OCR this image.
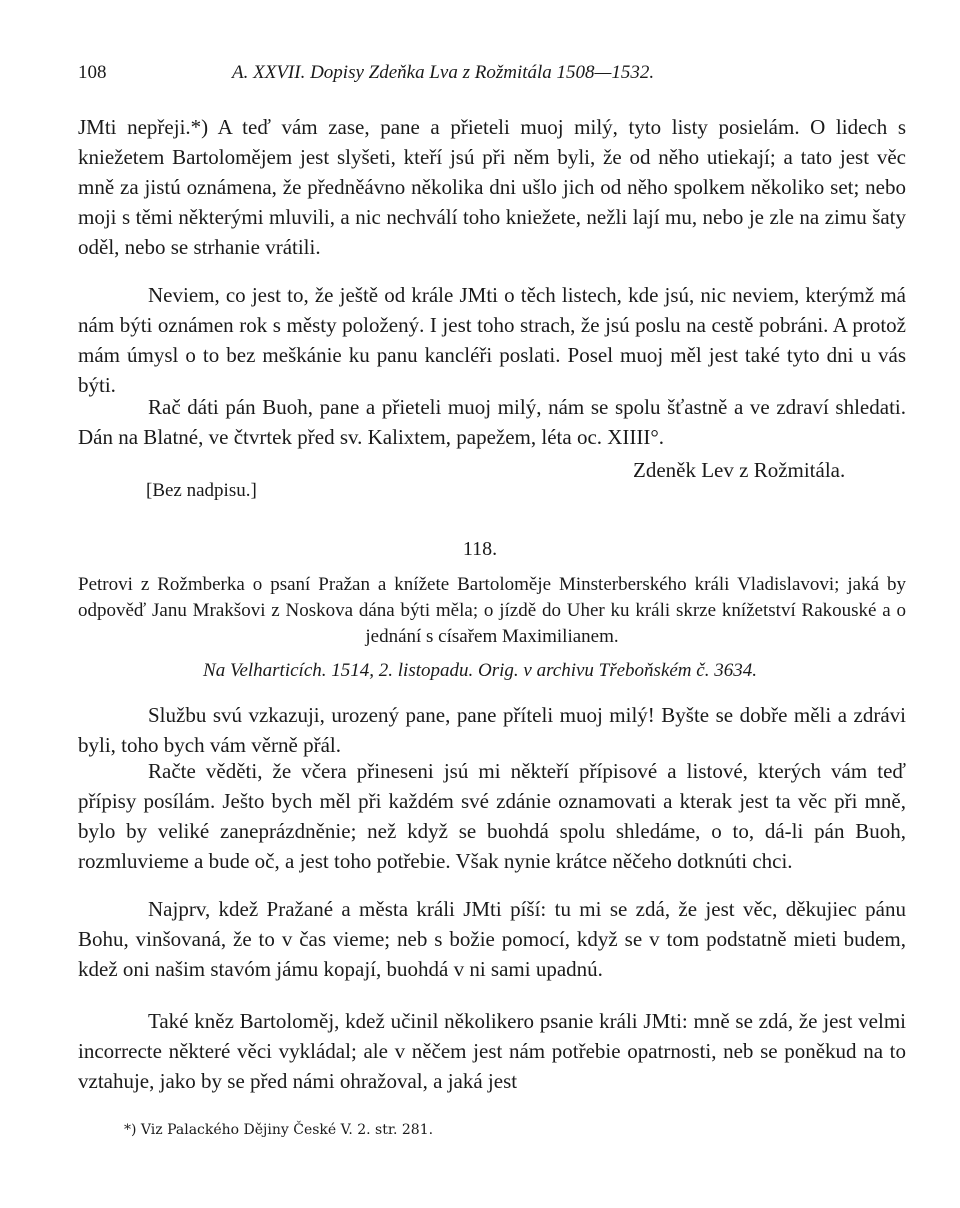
108	A. XXVII. Dopisy Zdeňka Lva z Rožmitála 1508—1532.

JMti nepřeji.*) A teď vám zase, pane a přieteli muoj milý, tyto listy posielám. O lidech s kniežetem Bartolomějem jest slyšeti, kteří jsú při něm byli, že od něho utiekají; a tato jest věc mně za jistú oznámena, že předněávno několika dni ušlo jich od něho spolkem několiko set; nebo moji s těmi některými mluvili, a nic nechválí toho kniežete, nežli lají mu, nebo je zle na zimu šaty oděl, nebo se strhanie vrátili.

Neviem, co jest to, že ještě od krále JMti o těch listech, kde jsú, nic neviem, kterýmž má nám býti oznámen rok s městy položený. I jest toho strach, že jsú poslu na cestě pobráni. A protož mám úmysl o to bez meškánie ku panu kancléři poslati. Posel muoj měl jest také tyto dni u vás býti.

Rač dáti pán Buoh, pane a přieteli muoj milý, nám se spolu šťastně a ve zdraví shledati. Dán na Blatné, ve čtvrtek před sv. Kalixtem, papežem, léta oc. XIIII°.

Zdeněk Lev z Rožmitála.
[Bez nadpisu.]
118.

Petrovi z Rožmberka o psaní Pražan a knížete Bartoloměje Minsterberského králi Vladislavovi; jaká by odpověď Janu Mrakšovi z Noskova dána býti měla; o jízdě do Uher ku králi skrze knížetství Rakouské a o jednání s císařem Maximilianem.

Na Velharticích. 1514, 2. listopadu. Orig. v archivu Třeboňském č. 3634.

Službu svú vzkazuji, urozený pane, pane příteli muoj milý! Byšte se dobře měli a zdrávi byli, toho bych vám věrně přál.

Račte věděti, že včera přineseni jsú mi někteří přípisové a listové, kterých vám teď přípisy posílám. Ješto bych měl při každém své zdánie oznamovati a kterak jest ta věc při mně, bylo by veliké zaneprázdněnie; než když se buohdá spolu shledáme, o to, dá-li pán Buoh, rozmluvieme a bude oč, a jest toho potřebie. Však nynie krátce něčeho dotknúti chci.

Najprv, kdež Pražané a města králi JMti píší: tu mi se zdá, že jest věc, děkujiec pánu Bohu, vinšovaná, že to v čas vieme; neb s božie pomocí, když se v tom podstatně mieti budem, kdež oni našim stavóm jámu kopají, buohdá v ni sami upadnú.

Také kněz Bartoloměj, kdež učinil několikero psanie králi JMti: mně se zdá, že jest velmi incorrecte některé věci vykládal; ale v něčem jest nám potřebie opatrnosti, neb se poněkud na to vztahuje, jako by se před námi ohražoval, a jaká jest

*) Viz Palackého Dějiny České V. 2. str. 281.
